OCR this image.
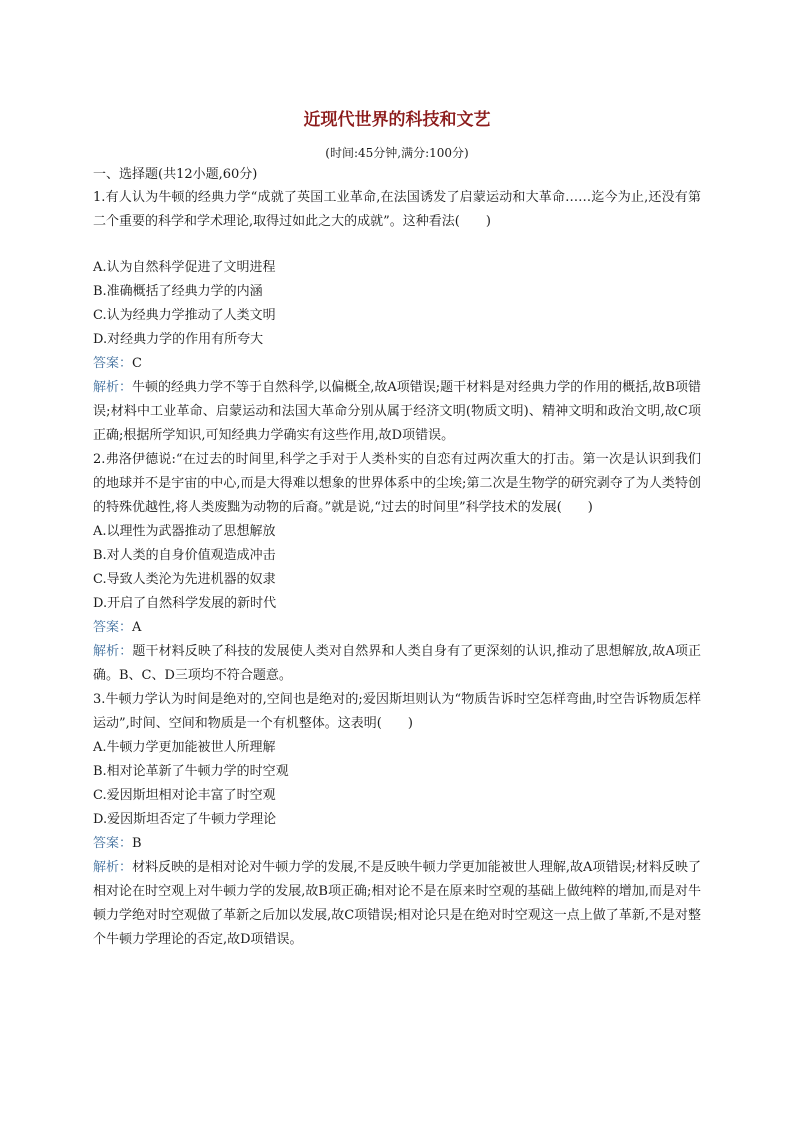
近现代世界的科技和文艺

(时间:45分钟,满分:100分)

一、选择题(共12小题,60分)

1.有人认为牛顿的经典力学“成就了英国工业革命,在法国诱发了启蒙运动和大革命……迄今为止,还没有第二个重要的科学和学术理论,取得过如此之大的成就”。这种看法(　　)

A.认为自然科学促进了文明进程

B.准确概括了经典力学的内涵

C.认为经典力学推动了人类文明

D.对经典力学的作用有所夸大

答案：C

解析：牛顿的经典力学不等于自然科学,以偏概全,故A项错误;题干材料是对经典力学的作用的概括,故B项错误;材料中工业革命、启蒙运动和法国大革命分别从属于经济文明(物质文明)、精神文明和政治文明,故C项正确;根据所学知识,可知经典力学确实有这些作用,故D项错误。

2.弗洛伊德说:“在过去的时间里,科学之手对于人类朴实的自恋有过两次重大的打击。第一次是认识到我们的地球并不是宇宙的中心,而是大得难以想象的世界体系中的尘埃;第二次是生物学的研究剥夺了为人类特创的特殊优越性,将人类废黜为动物的后裔。”就是说,“过去的时间里”科学技术的发展(　　)

A.以理性为武器推动了思想解放

B.对人类的自身价值观造成冲击

C.导致人类沦为先进机器的奴隶

D.开启了自然科学发展的新时代

答案：A

解析：题干材料反映了科技的发展使人类对自然界和人类自身有了更深刻的认识,推动了思想解放,故A项正确。B、C、D三项均不符合题意。

3.牛顿力学认为时间是绝对的,空间也是绝对的;爱因斯坦则认为“物质告诉时空怎样弯曲,时空告诉物质怎样运动”,时间、空间和物质是一个有机整体。这表明(　　)

A.牛顿力学更加能被世人所理解

B.相对论革新了牛顿力学的时空观

C.爱因斯坦相对论丰富了时空观

D.爱因斯坦否定了牛顿力学理论

答案：B

解析：材料反映的是相对论对牛顿力学的发展,不是反映牛顿力学更加能被世人理解,故A项错误;材料反映了相对论在时空观上对牛顿力学的发展,故B项正确;相对论不是在原来时空观的基础上做纯粹的增加,而是对牛顿力学绝对时空观做了革新之后加以发展,故C项错误;相对论只是在绝对时空观这一点上做了革新,不是对整个牛顿力学理论的否定,故D项错误。
